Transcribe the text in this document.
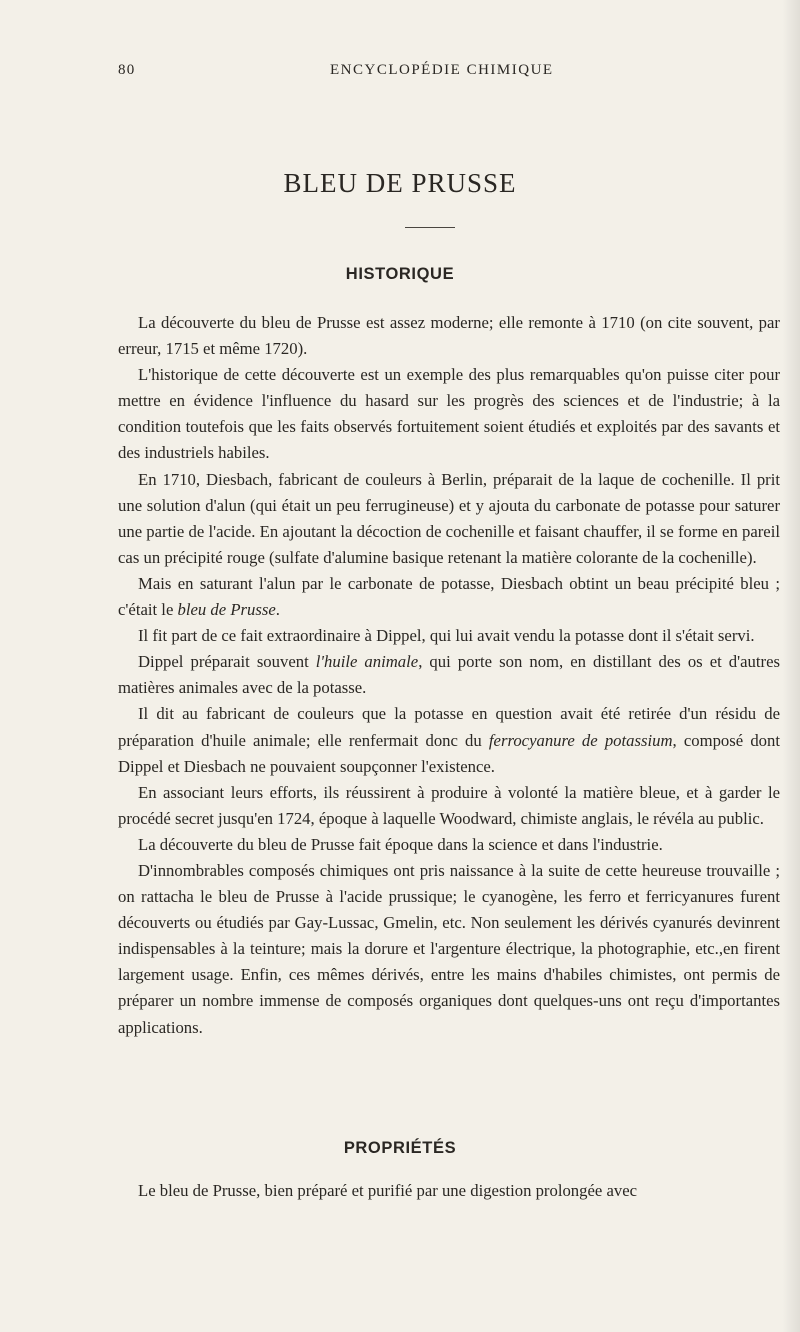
80	ENCYCLOPÉDIE CHIMIQUE
BLEU DE PRUSSE
HISTORIQUE

La découverte du bleu de Prusse est assez moderne; elle remonte à 1710 (on cite souvent, par erreur, 1715 et même 1720).

L'historique de cette découverte est un exemple des plus remarquables qu'on puisse citer pour mettre en évidence l'influence du hasard sur les progrès des sciences et de l'industrie; à la condition toutefois que les faits observés fortuitement soient étudiés et exploités par des savants et des industriels habiles.

En 1710, Diesbach, fabricant de couleurs à Berlin, préparait de la laque de cochenille. Il prit une solution d'alun (qui était un peu ferrugineuse) et y ajouta du carbonate de potasse pour saturer une partie de l'acide. En ajoutant la décoction de cochenille et faisant chauffer, il se forme en pareil cas un précipité rouge (sulfate d'alumine basique retenant la matière colorante de la cochenille).

Mais en saturant l'alun par le carbonate de potasse, Diesbach obtint un beau précipité bleu ; c'était le bleu de Prusse.

Il fit part de ce fait extraordinaire à Dippel, qui lui avait vendu la potasse dont il s'était servi.

Dippel préparait souvent l'huile animale, qui porte son nom, en distillant des os et d'autres matières animales avec de la potasse.

Il dit au fabricant de couleurs que la potasse en question avait été retirée d'un résidu de préparation d'huile animale; elle renfermait donc du ferrocyanure de potassium, composé dont Dippel et Diesbach ne pouvaient soupçonner l'existence.

En associant leurs efforts, ils réussirent à produire à volonté la matière bleue, et à garder le procédé secret jusqu'en 1724, époque à laquelle Woodward, chimiste anglais, le révéla au public.

La découverte du bleu de Prusse fait époque dans la science et dans l'industrie.

D'innombrables composés chimiques ont pris naissance à la suite de cette heureuse trouvaille ; on rattacha le bleu de Prusse à l'acide prussique; le cyanogène, les ferro et ferricyanures furent découverts ou étudiés par Gay-Lussac, Gmelin, etc. Non seulement les dérivés cyanurés devinrent indispensables à la teinture; mais la dorure et l'argenture électrique, la photographie, etc.,en firent largement usage. Enfin, ces mêmes dérivés, entre les mains d'habiles chimistes, ont permis de préparer un nombre immense de composés organiques dont quelques-uns ont reçu d'importantes applications.

PROPRIÉTÉS

Le bleu de Prusse, bien préparé et purifié par une digestion prolongée avec
